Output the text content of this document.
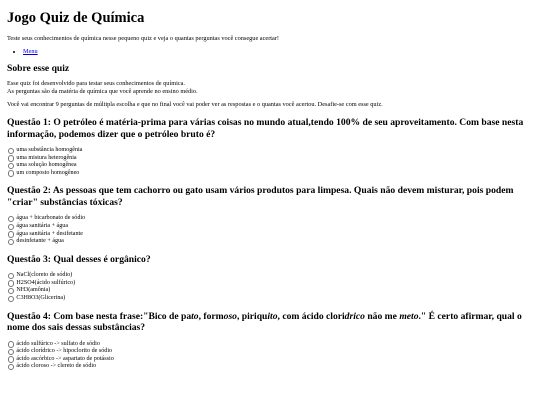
Jogo Quiz de Química

Teste seus conhecimentos de química nesse pequeno quiz e veja o quantas perguntas você consegue acertar!

• Menu
Sobre esse quiz

Esse quiz foi desenvolvido para testar seus conhecimentos de química.

As perguntas são da matéria de química que você aprende no ensino médio.

Você vai encontrar 9 perguntas de múltipla escolha e que no final você vai poder ver as respostas e o quantas você acertou. Desafie-se com esse quiz.

Questão 1: O petróleo é matéria-prima para várias coisas no mundo atual,tendo 100% de seu aproveitamento. Com base nesta informação, podemos dizer que o petróleo bruto é?
uma substância homogênia
uma mistura heterogênia
uma solução homogênea
um composto homogêneo
Questão 2: As pessoas que tem cachorro ou gato usam vários produtos para limpesa. Quais não devem misturar, pois podem "criar" substâncias tóxicas?
água + bicarbonato de sódio
água sanitária + água
água sanitária + desifetante
desinfetante + água
Questão 3: Qual desses é orgânico?
NaCl(cloreto de sódio)
H2SO4(ácido sulfúrico)
NH3(amônia)
C3H8O3(Glicerina)
Questão 4: Com base nesta frase:"Bico de pato, formoso, piriquito, com ácido cloridrico não me meto." É certo afirmar, qual o nome dos sais dessas substâncias?
ácido sulfúrico -> sulfato de sódio
ácido clorídrico -> hipoclorito de sódio
ácido ascórbico -> aspartato de potássio
ácido cloroso -> clereto de sódio
